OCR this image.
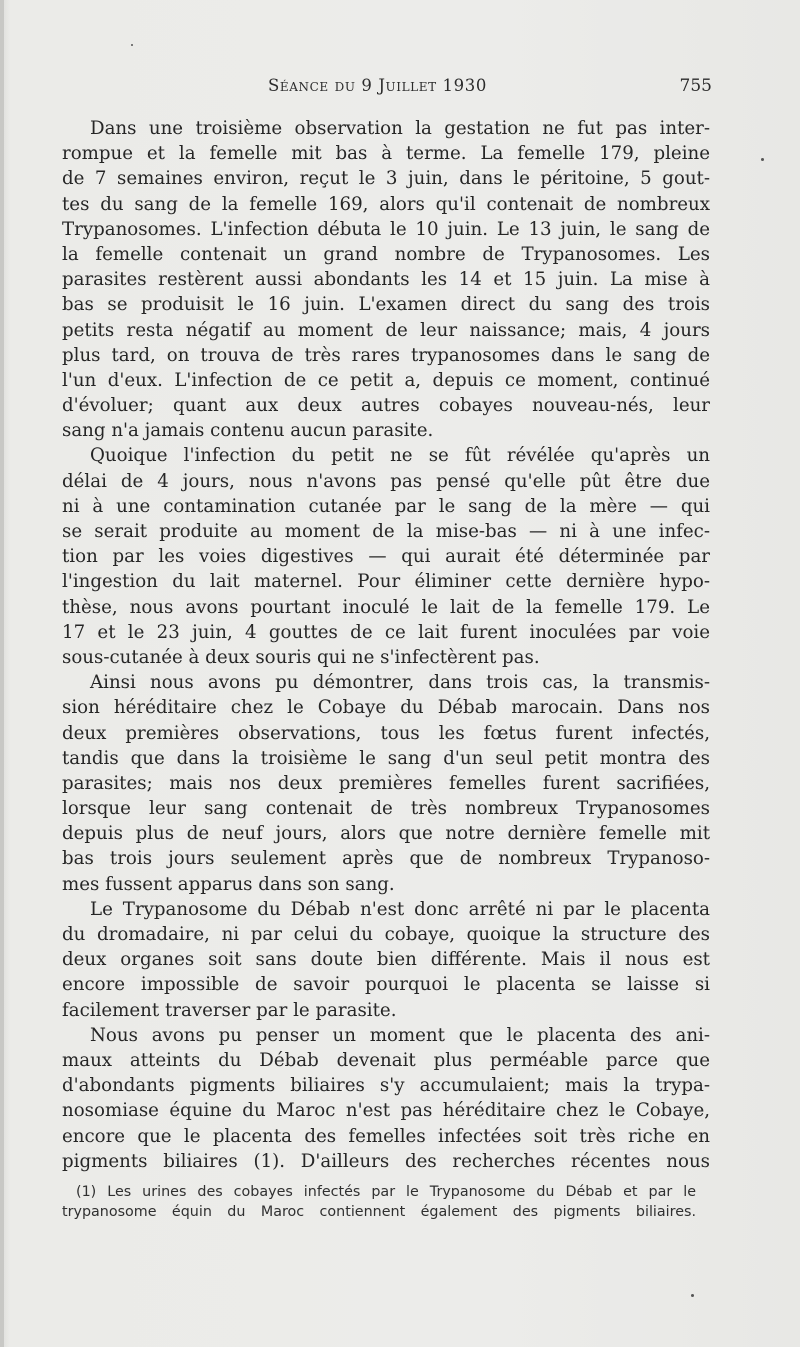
Séance du 9 Juillet 1930	755
Dans une troisième observation la gestation ne fut pas inter-
rompue et la femelle mit bas à terme. La femelle 179, pleine
de 7 semaines environ, reçut le 3 juin, dans le péritoine, 5 gout-
tes du sang de la femelle 169, alors qu'il contenait de nombreux
Trypanosomes. L'infection débuta le 10 juin. Le 13 juin, le sang de
la femelle contenait un grand nombre de Trypanosomes. Les
parasites restèrent aussi abondants les 14 et 15 juin. La mise à
bas se produisit le 16 juin. L'examen direct du sang des trois
petits resta négatif au moment de leur naissance; mais, 4 jours
plus tard, on trouva de très rares trypanosomes dans le sang de
l'un d'eux. L'infection de ce petit a, depuis ce moment, continué
d'évoluer; quant aux deux autres cobayes nouveau-nés, leur
sang n'a jamais contenu aucun parasite.
Quoique l'infection du petit ne se fût révélée qu'après un
délai de 4 jours, nous n'avons pas pensé qu'elle pût être due
ni à une contamination cutanée par le sang de la mère — qui
se serait produite au moment de la mise-bas — ni à une infec-
tion par les voies digestives — qui aurait été déterminée par
l'ingestion du lait maternel. Pour éliminer cette dernière hypo-
thèse, nous avons pourtant inoculé le lait de la femelle 179. Le
17 et le 23 juin, 4 gouttes de ce lait furent inoculées par voie
sous-cutanée à deux souris qui ne s'infectèrent pas.
Ainsi nous avons pu démontrer, dans trois cas, la transmis-
sion héréditaire chez le Cobaye du Débab marocain. Dans nos
deux premières observations, tous les fœtus furent infectés,
tandis que dans la troisième le sang d'un seul petit montra des
parasites; mais nos deux premières femelles furent sacrifiées,
lorsque leur sang contenait de très nombreux Trypanosomes
depuis plus de neuf jours, alors que notre dernière femelle mit
bas trois jours seulement après que de nombreux Trypanoso-
mes fussent apparus dans son sang.
Le Trypanosome du Débab n'est donc arrêté ni par le placenta
du dromadaire, ni par celui du cobaye, quoique la structure des
deux organes soit sans doute bien différente. Mais il nous est
encore impossible de savoir pourquoi le placenta se laisse si
facilement traverser par le parasite.
Nous avons pu penser un moment que le placenta des ani-
maux atteints du Débab devenait plus perméable parce que
d'abondants pigments biliaires s'y accumulaient; mais la trypa-
nosomiase équine du Maroc n'est pas héréditaire chez le Cobaye,
encore que le placenta des femelles infectées soit très riche en
pigments biliaires (1). D'ailleurs des recherches récentes nous
(1) Les urines des cobayes infectés par le Trypanosome du Débab et par le
trypanosome équin du Maroc contiennent également des pigments biliaires.
